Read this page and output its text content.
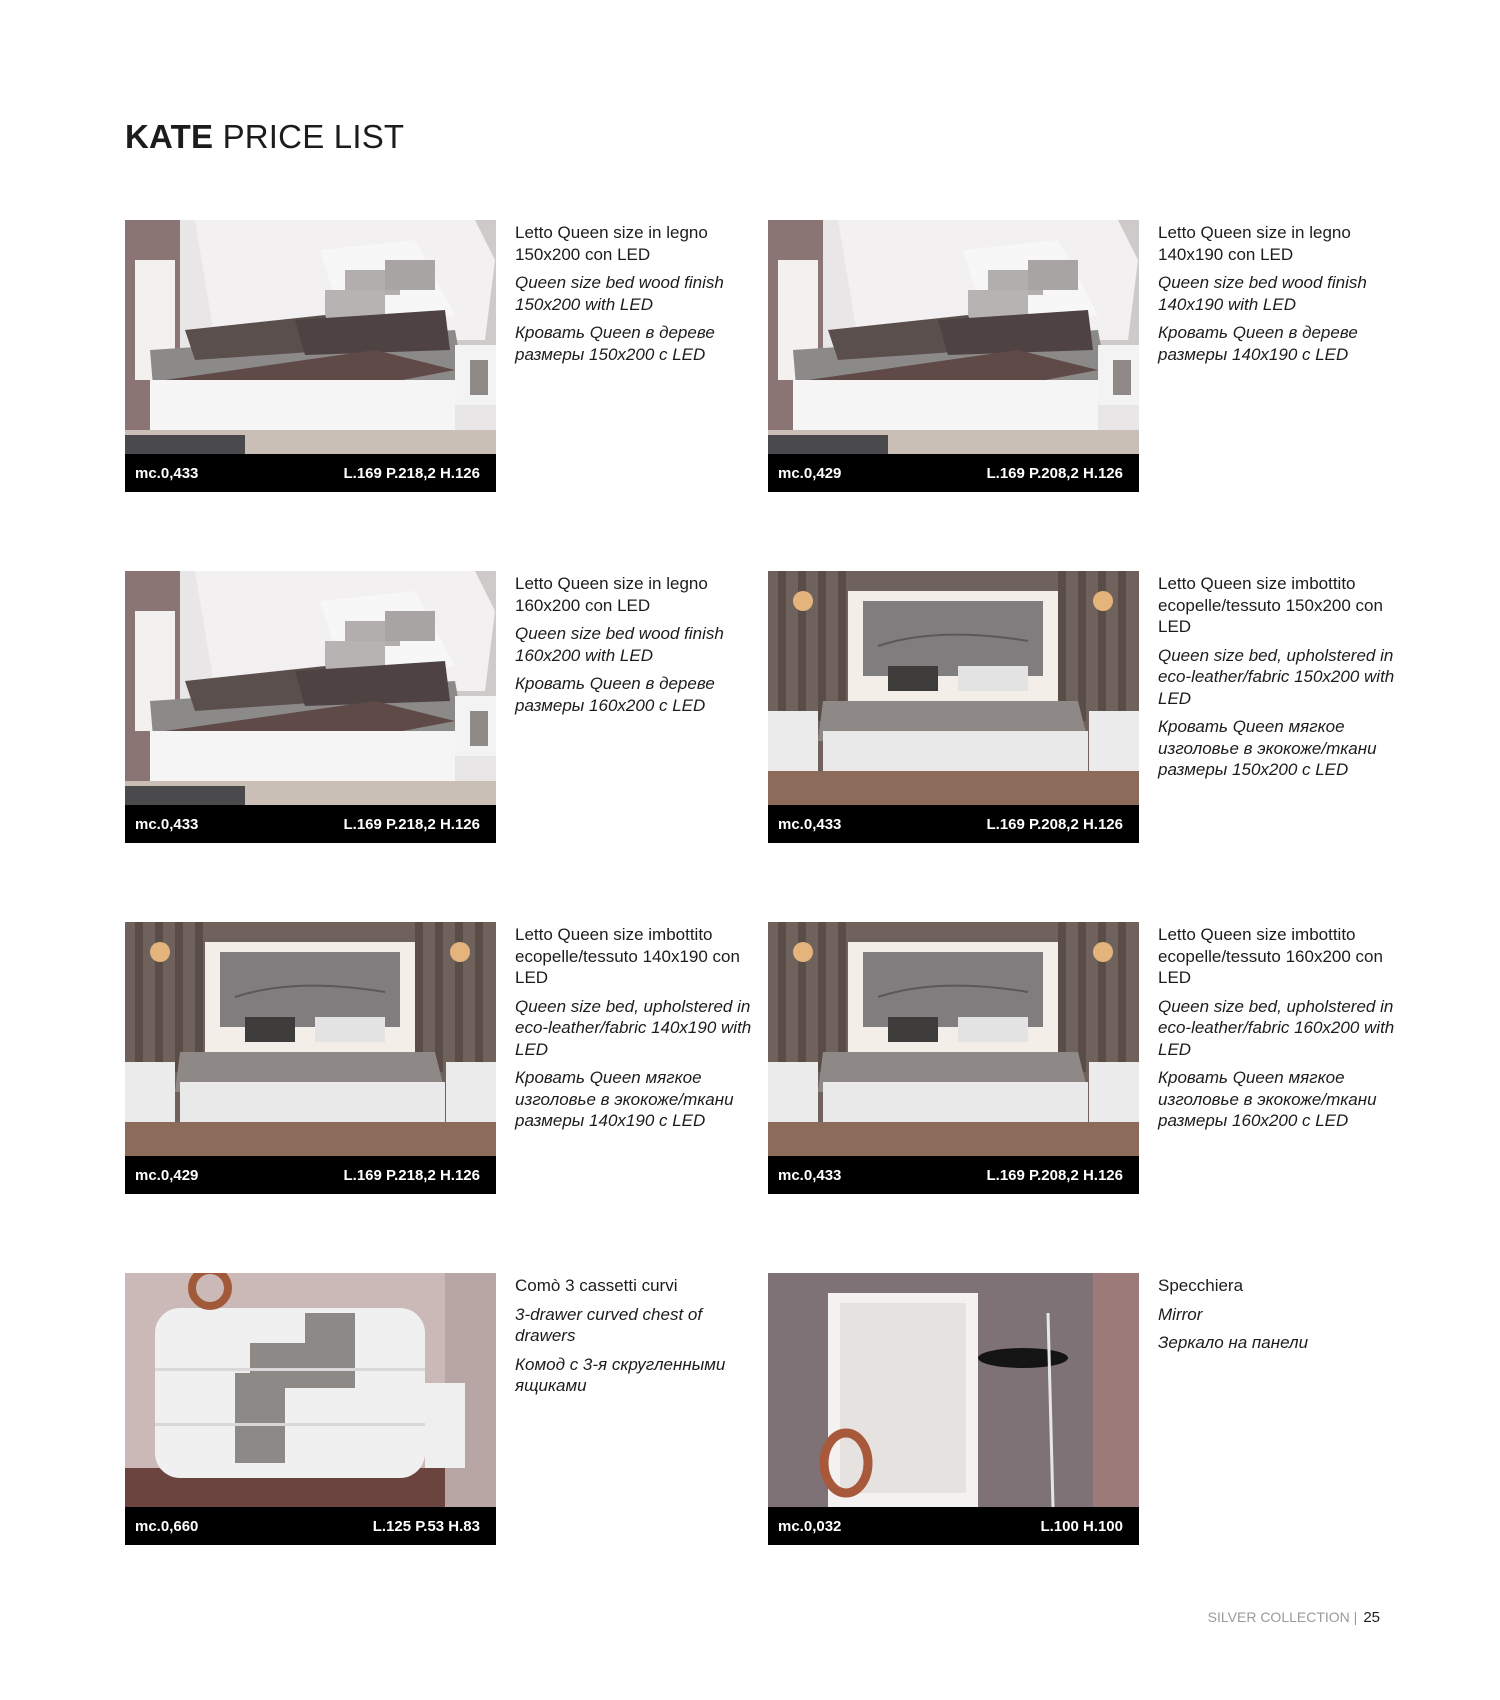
KATE PRICE LIST
mc.0,433	L.169 P.218,2 H.126

Letto Queen size in legno 150x200 con LED

Queen size bed wood finish 150x200 with LED

Кровать Queen в дереве размеры 150x200 с LED

mc.0,429	L.169 P.208,2 H.126

Letto Queen size in legno 140x190 con LED

Queen size bed wood finish 140x190 with LED

Кровать Queen в дереве размеры 140x190 с LED

mc.0,433	L.169 P.218,2 H.126

Letto Queen size in legno 160x200 con LED

Queen size bed wood finish 160x200 with LED

Кровать Queen в дереве размеры 160x200 с LED

mc.0,433	L.169 P.208,2 H.126

Letto Queen size imbottito ecopelle/tessuto 150x200 con LED

Queen size bed, upholstered in eco-leather/fabric 150x200 with LED

Кровать Queen мягкое изголовье в экокоже/ткани размеры 150x200 с LED

mc.0,429	L.169 P.218,2 H.126

Letto Queen size imbottito ecopelle/tessuto 140x190 con LED

Queen size bed, upholstered in eco-leather/fabric 140x190 with LED

Кровать Queen мягкое изголовье в экокоже/ткани размеры 140x190 с LED

mc.0,433	L.169 P.208,2 H.126

Letto Queen size imbottito ecopelle/tessuto 160x200 con LED

Queen size bed, upholstered in eco-leather/fabric 160x200 with LED

Кровать Queen мягкое изголовье в экокоже/ткани размеры 160x200 с LED

mc.0,660	L.125 P.53 H.83

Comò 3 cassetti curvi

3-drawer curved chest of drawers

Комод с 3-я скругленными ящиками

mc.0,032	L.100 H.100

Specchiera

Mirror

Зеркало на панели

SILVER COLLECTION | 25
